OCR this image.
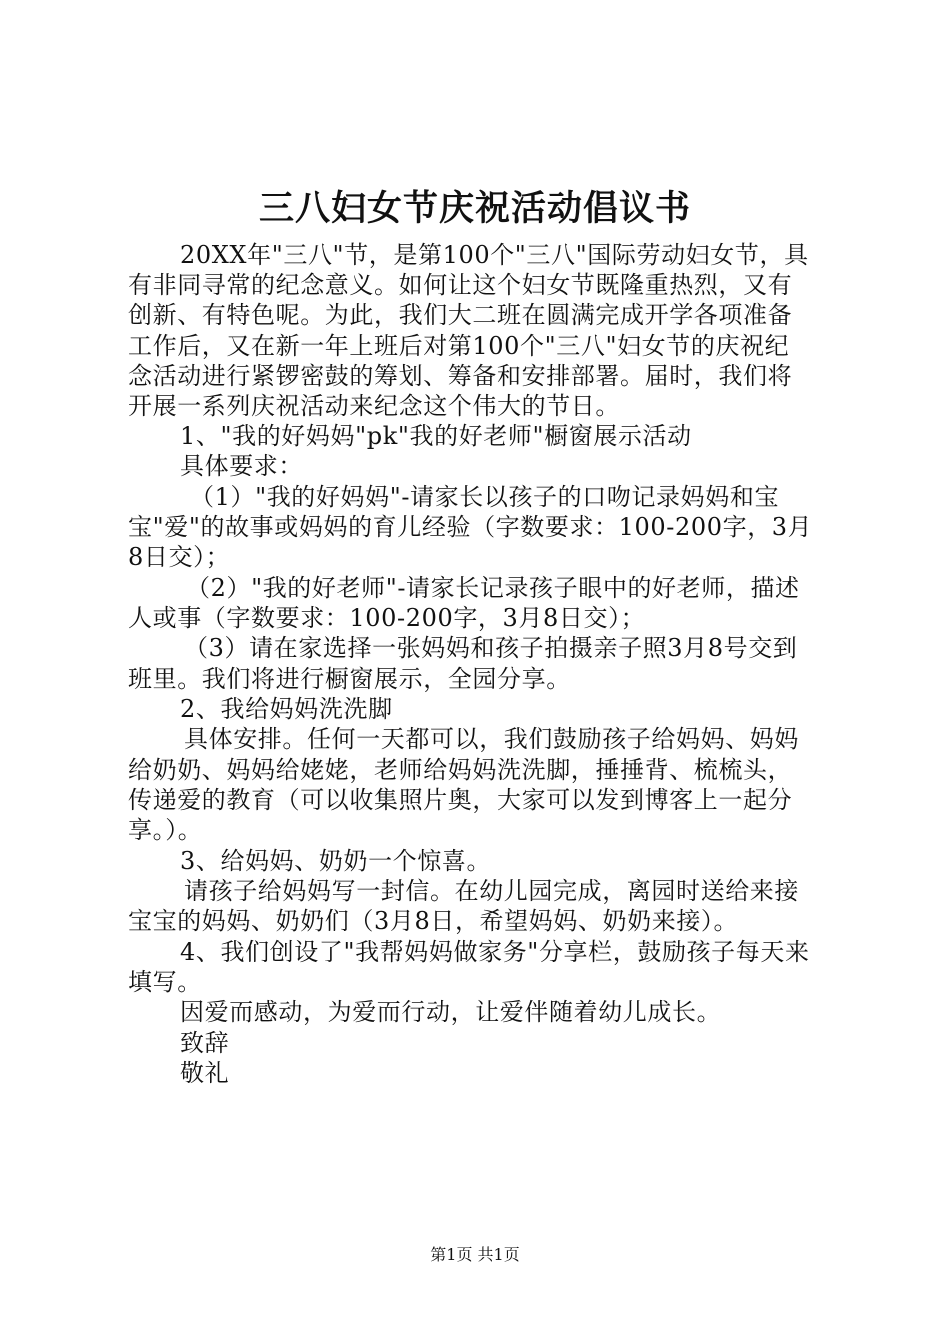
三八妇女节庆祝活动倡议书
20XX年"三八"节，是第100个"三八"国际劳动妇女节，具
有非同寻常的纪念意义。如何让这个妇女节既隆重热烈，又有
创新、有特色呢。为此，我们大二班在圆满完成开学各项准备
工作后，又在新一年上班后对第100个"三八"妇女节的庆祝纪
念活动进行紧锣密鼓的筹划、筹备和安排部署。届时，我们将
开展一系列庆祝活动来纪念这个伟大的节日。
1、"我的好妈妈"pk"我的好老师"橱窗展示活动
具体要求：
（1）"我的好妈妈"-请家长以孩子的口吻记录妈妈和宝
宝"爱"的故事或妈妈的育儿经验（字数要求：100-200字，3月
8日交）；
（2）"我的好老师"-请家长记录孩子眼中的好老师，描述
人或事（字数要求：100-200字，3月8日交）；
（3）请在家选择一张妈妈和孩子拍摄亲子照3月8号交到
班里。我们将进行橱窗展示，全园分享。
2、我给妈妈洗洗脚
具体安排。任何一天都可以，我们鼓励孩子给妈妈、妈妈
给奶奶、妈妈给姥姥，老师给妈妈洗洗脚，捶捶背、梳梳头，
传递爱的教育（可以收集照片奥，大家可以发到博客上一起分
享。）。
3、给妈妈、奶奶一个惊喜。
请孩子给妈妈写一封信。在幼儿园完成，离园时送给来接
宝宝的妈妈、奶奶们（3月8日，希望妈妈、奶奶来接）。
4、我们创设了"我帮妈妈做家务"分享栏，鼓励孩子每天来
填写。
因爱而感动，为爱而行动，让爱伴随着幼儿成长。
致辞
敬礼
第1页 共1页
